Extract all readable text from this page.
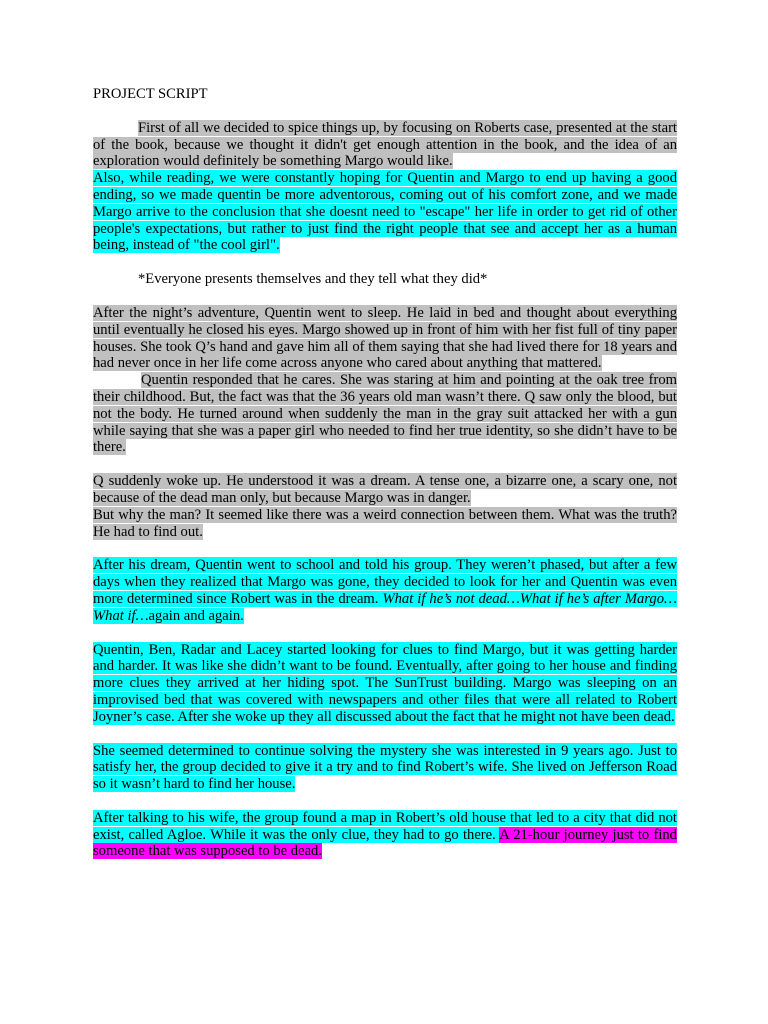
PROJECT SCRIPT

First of all we decided to spice things up, by focusing on Roberts case, presented at the start of the book, because we thought it didn't get enough attention in the book, and the idea of an exploration would definitely be something Margo would like.

Also, while reading, we were constantly hoping for Quentin and Margo to end up having a good ending, so we made quentin be more adventorous, coming out of his comfort zone, and we made Margo arrive to the conclusion that she doesnt need to "escape" her life in order to get rid of other people's expectations, but rather to just find the right people that see and accept her as a human being, instead of "the cool girl".

*Everyone presents themselves and they tell what they did*

After the night’s adventure, Quentin went to sleep. He laid in bed and thought about everything until eventually he closed his eyes. Margo showed up in front of him with her fist full of tiny paper houses. She took Q’s hand and gave him all of them saying that she had lived there for 18 years and had never once in her life come across anyone who cared about anything that mattered.

Quentin responded that he cares. She was staring at him and pointing at the oak tree from their childhood. But, the fact was that the 36 years old man wasn’t there. Q saw only the blood, but not the body. He turned around when suddenly the man in the gray suit attacked her with a gun while saying that she was a paper girl who needed to find her true identity, so she didn’t have to be there.

Q suddenly woke up. He understood it was a dream. A tense one, a bizarre one, a scary one, not because of the dead man only, but because Margo was in danger.

But why the man? It seemed like there was a weird connection between them. What was the truth? He had to find out.

After his dream, Quentin went to school and told his group. They weren’t phased, but after a few days when they realized that Margo was gone, they decided to look for her and Quentin was even more determined since Robert was in the dream. What if he’s not dead…What if he’s after Margo…What if…again and again.

Quentin, Ben, Radar and Lacey started looking for clues to find Margo, but it was getting harder and harder. It was like she didn’t want to be found. Eventually, after going to her house and finding more clues they arrived at her hiding spot. The SunTrust building. Margo was sleeping on an improvised bed that was covered with newspapers and other files that were all related to Robert Joyner’s case. After she woke up they all discussed about the fact that he might not have been dead.

She seemed determined to continue solving the mystery she was interested in 9 years ago. Just to satisfy her, the group decided to give it a try and to find Robert’s wife. She lived on Jefferson Road so it wasn’t hard to find her house.

After talking to his wife, the group found a map in Robert’s old house that led to a city that did not exist, called Agloe. While it was the only clue, they had to go there. A 21-hour journey just to find someone that was supposed to be dead.
